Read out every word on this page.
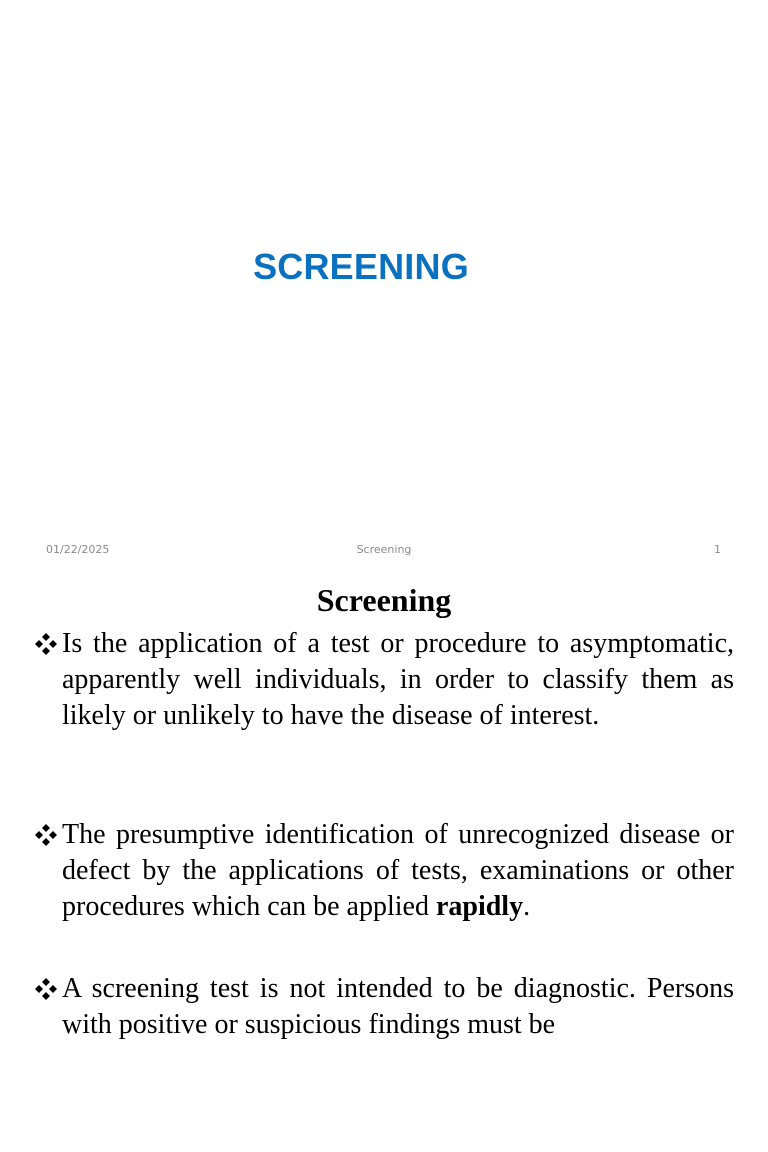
SCREENING
01/22/2025	Screening	1
Screening
Is the application of a test or procedure to asymptomatic, apparently well individuals, in order to classify them as likely or unlikely to have the disease of interest.
The presumptive identification of unrecognized disease or defect by the applications of tests, examinations or other procedures which can be applied rapidly.
A screening test is not intended to be diagnostic. Persons with positive or suspicious findings must be
